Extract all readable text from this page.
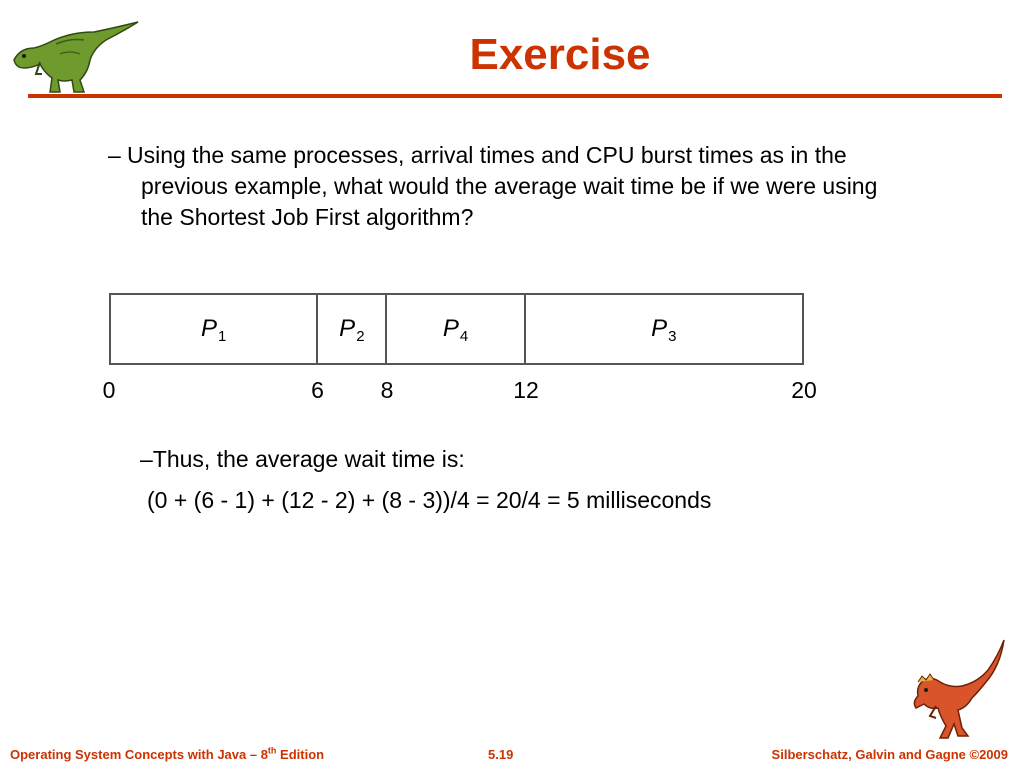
Exercise
– Using the same processes, arrival times and CPU burst times as in the previous example, what would the average wait time be if we were using the Shortest Job First algorithm?
P 1	P 2	P 4	P 3
0	6 8	12	20
–Thus, the average wait time is:
(0 + (6 - 1) + (12 - 2) + (8 - 3))/4 = 20/4 = 5 milliseconds
Operating System Concepts with Java – 8th Edition	5.19	Silberschatz, Galvin and Gagne ©2009
